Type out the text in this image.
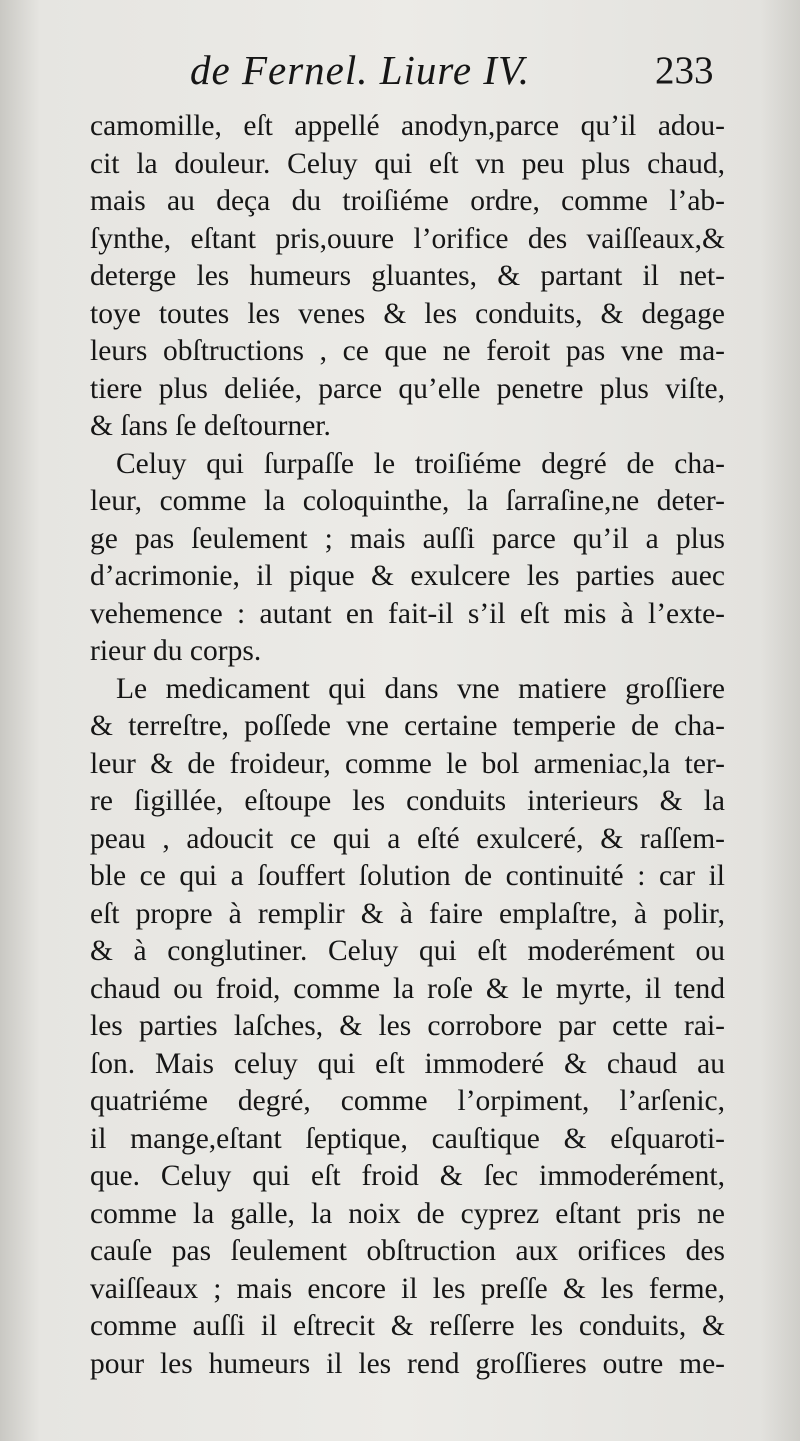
de Fernel. Liure IV.	233
camomille, eſt appellé anodyn,parce qu’il adou-
cit la douleur. Celuy qui eſt vn peu plus chaud,
mais au deça du troiſiéme ordre, comme l’ab-
ſynthe, eſtant pris,ouure l’orifice des vaiſſeaux,&
deterge les humeurs gluantes, & partant il net-
toye toutes les venes & les conduits, & degage
leurs obſtructions , ce que ne feroit pas vne ma-
tiere plus deliée, parce qu’elle penetre plus viſte,
& ſans ſe deſtourner.
Celuy qui ſurpaſſe le troiſiéme degré de cha-
leur, comme la coloquinthe, la ſarraſine,ne deter-
ge pas ſeulement ; mais auſſi parce qu’il a plus
d’acrimonie, il pique & exulcere les parties auec
vehemence : autant en fait-il s’il eſt mis à l’exte-
rieur du corps.
Le medicament qui dans vne matiere groſſiere
& terreſtre, poſſede vne certaine temperie de cha-
leur & de froideur, comme le bol armeniac,la ter-
re ſigillée, eſtoupe les conduits interieurs & la
peau , adoucit ce qui a eſté exulceré, & raſſem-
ble ce qui a ſouffert ſolution de continuité : car il
eſt propre à remplir & à faire emplaſtre, à polir,
& à conglutiner. Celuy qui eſt moderément ou
chaud ou froid, comme la roſe & le myrte, il tend
les parties laſches, & les corrobore par cette rai-
ſon. Mais celuy qui eſt immoderé & chaud au
quatriéme degré, comme l’orpiment, l’arſenic,
il mange,eſtant ſeptique, cauſtique & eſquaroti-
que. Celuy qui eſt froid & ſec immoderément,
comme la galle, la noix de cyprez eſtant pris ne
cauſe pas ſeulement obſtruction aux orifices des
vaiſſeaux ; mais encore il les preſſe & les ferme,
comme auſſi il eſtrecit & reſſerre les conduits, &
pour les humeurs il les rend groſſieres outre me-
